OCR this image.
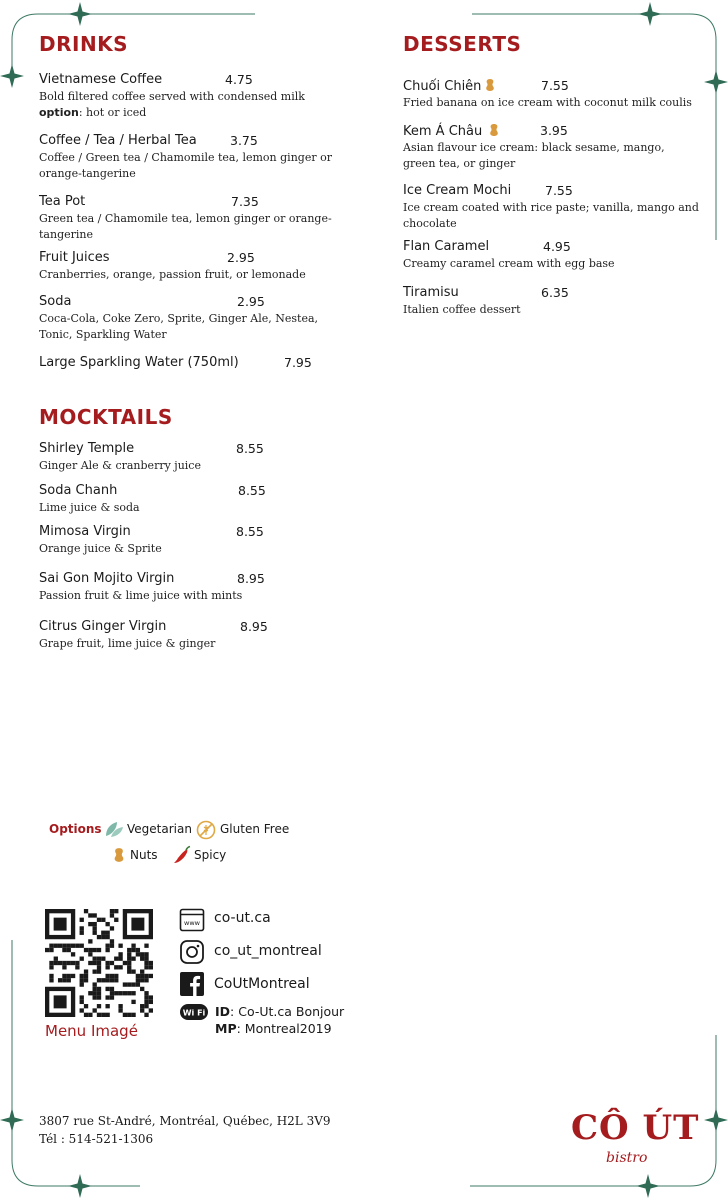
DRINKS
Vietnamese Coffee	4.75
Bold filtered coffee served with condensed milk
option: hot or iced
Coffee / Tea / Herbal Tea	3.75
Coffee / Green tea / Chamomile tea, lemon ginger or orange-tangerine
Tea Pot	7.35
Green tea / Chamomile tea, lemon ginger or orange-tangerine
Fruit Juices	2.95
Cranberries, orange, passion fruit, or lemonade
Soda	2.95
Coca-Cola, Coke Zero, Sprite, Ginger Ale, Nestea, Tonic, Sparkling Water
Large Sparkling Water (750ml)	7.95
MOCKTAILS
Shirley Temple	8.55
Ginger Ale & cranberry juice
Soda Chanh	8.55
Lime juice & soda
Mimosa Virgin	8.55
Orange juice & Sprite
Sai Gon Mojito Virgin	8.95
Passion fruit & lime juice with mints
Citrus Ginger Virgin	8.95
Grape fruit, lime juice & ginger
DESSERTS
Chuối Chiên	7.55
Fried banana on ice cream with coconut milk coulis
Kem Á Châu	3.95
Asian flavour ice cream: black sesame, mango, green tea, or ginger
Ice Cream Mochi	7.55
Ice cream coated with rice paste; vanilla, mango and chocolate
Flan Caramel	4.95
Creamy caramel cream with egg base
Tiramisu	6.35
Italien coffee dessert
Options Vegetarian Gluten Free
Nuts	Spicy
Menu Imagé
www co-ut.ca
co_ut_montreal
CoUtMontreal
Wi Fi ID: Co-Ut.ca Bonjour
MP: Montreal2019
3807 rue St-André, Montréal, Québec, H2L 3V9
Tél : 514-521-1306	CÔ ÚT
bistro
